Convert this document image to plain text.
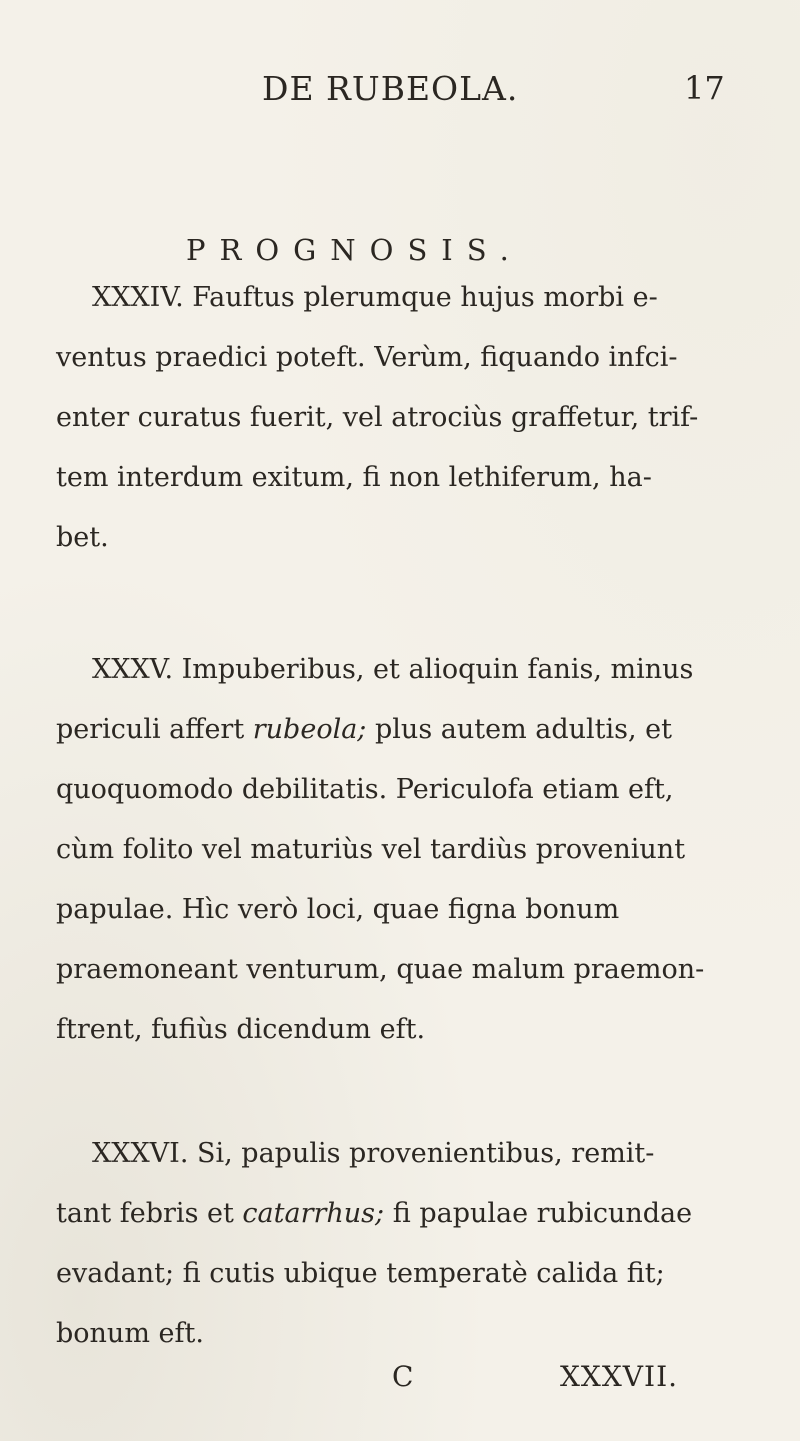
DE RUBEOLA.	17
PROGNOSIS.
XXXIV. Fauftus plerumque hujus morbi e-
ventus praedici poteft. Verùm, fiquando infci-
enter curatus fuerit, vel atrociùs graffetur, trif-
tem interdum exitum, fi non lethiferum, ha-
bet.
XXXV. Impuberibus, et alioquin fanis, minus
periculi affert rubeola; plus autem adultis, et
quoquomodo debilitatis. Periculofa etiam eft,
cùm folito vel maturiùs vel tardiùs proveniunt
papulae. Hìc verò loci, quae figna bonum
praemoneant venturum, quae malum praemon-
ftrent, fufiùs dicendum eft.
XXXVI. Si, papulis provenientibus, remit-
tant febris et catarrhus; fi papulae rubicundae
evadant; fi cutis ubique temperatè calida fit;
bonum eft.
C	XXXVII.
